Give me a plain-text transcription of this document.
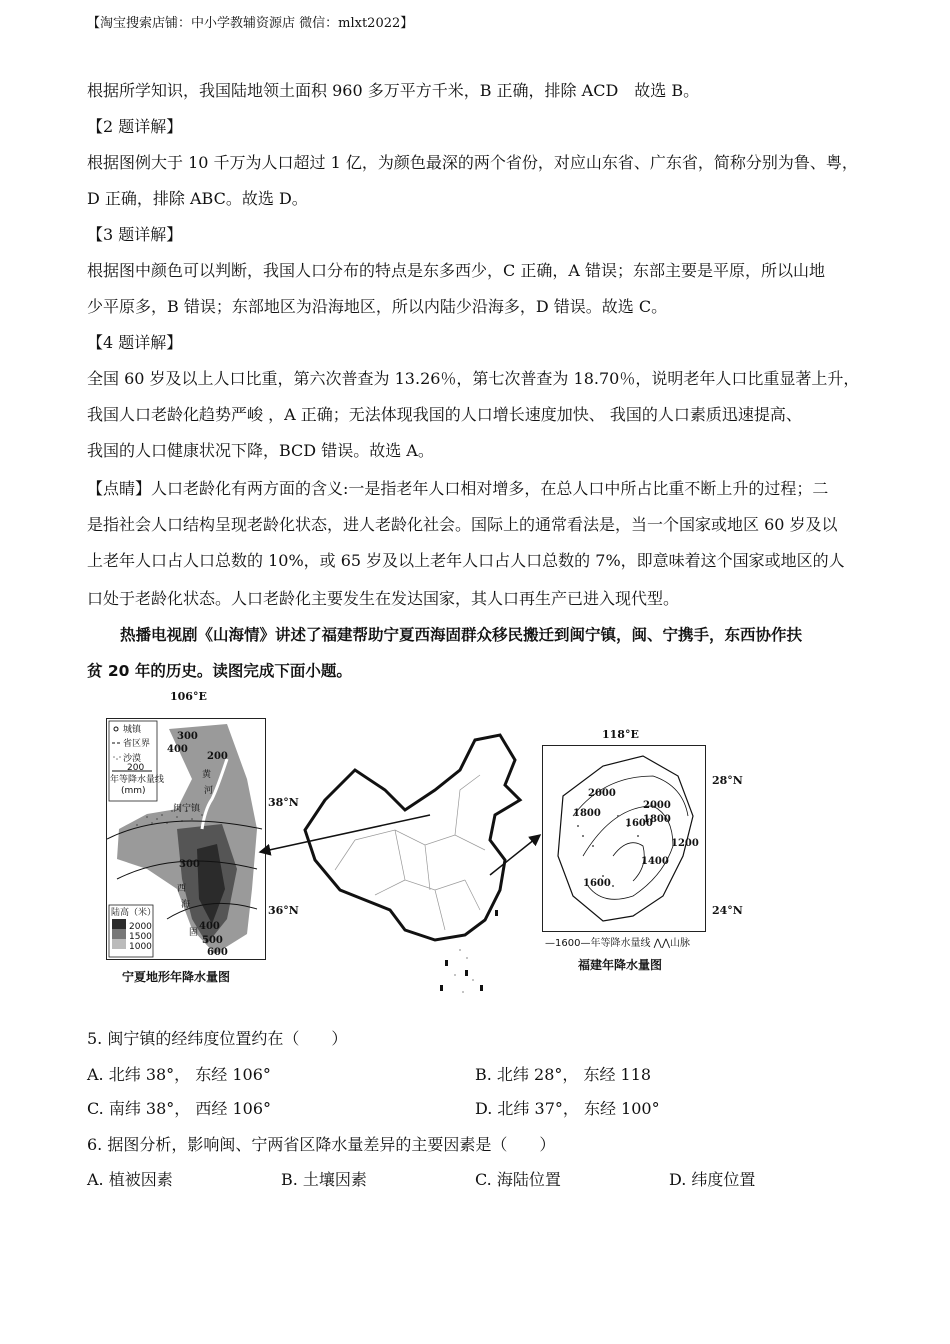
【淘宝搜索店铺：中小学教辅资源店 微信：mlxt2022】
根据所学知识，我国陆地领土面积 960 多万平方千米，B 正确，排除 ACD　故选 B。
【2 题详解】
根据图例大于 10 千万为人口超过 1 亿，为颜色最深的两个省份，对应山东省、广东省，简称分别为鲁、粤，
D 正确，排除 ABC。故选 D。
【3 题详解】
根据图中颜色可以判断，我国人口分布的特点是东多西少，C 正确，A 错误；东部主要是平原，所以山地
少平原多，B 错误；东部地区为沿海地区，所以内陆少沿海多，D 错误。故选 C。
【4 题详解】
全国 60 岁及以上人口比重，第六次普查为 13.26％，第七次普查为 18.70％，说明老年人口比重显著上升，
我国人口老龄化趋势严峻 ，A 正确；无法体现我国的人口增长速度加快、 我国的人口素质迅速提高、
我国的人口健康状况下降，BCD 错误。故选 A。
【点睛】人口老龄化有两方面的含义:一是指老年人口相对增多，在总人口中所占比重不断上升的过程；二
是指社会人口结构呈现老龄化状态，进人老龄化社会。国际上的通常看法是，当一个国家或地区 60 岁及以
上老年人口占人口总数的 10%，或 65 岁及以上老年人口占人口总数的 7%，即意味着这个国家或地区的人
口处于老龄化状态。人口老龄化主要发生在发达国家，其人口再生产已进入现代型。
热播电视剧《山海情》讲述了福建帮助宁夏西海固群众移民搬迁到闽宁镇，闽、宁携手，东西协作扶
贫 20 年的历史。读图完成下面小题。
城镇
省区界
沙漠
200
年等降水量线
(mm)
陆高（米）
2000
1500
1000
300
400
200
300
400
500
600
黄
河
闽宁镇
西
海
固
106°E
38°N
36°N
宁夏地形年降水量图
2000
1800
2000
1800
1600
1400
1200
1600
118°E
28°N
24°N
—1600—年等降水量线 ⋀⋀山脉
福建年降水量图
5. 闽宁镇的经纬度位置约在（　　）
A. 北纬 38°， 东经 106°	B. 北纬 28°， 东经 118
C. 南纬 38°， 西经 106°	D. 北纬 37°， 东经 100°
6. 据图分析，影响闽、宁两省区降水量差异的主要因素是（　　）
A. 植被因素	B. 土壤因素	C. 海陆位置	D. 纬度位置
